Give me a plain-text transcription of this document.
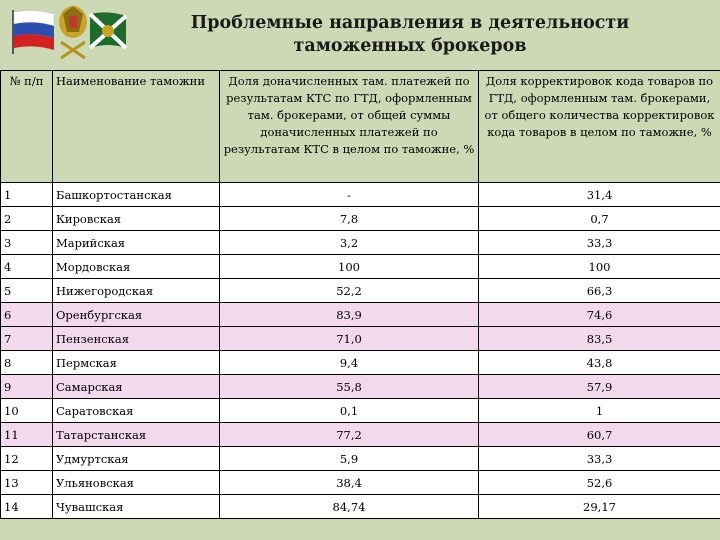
Проблемные направления в деятельности таможенных брокеров
№ п/п	Наименование таможни	Доля доначисленных там. платежей по результатам КТС по ГТД, оформленным там. брокерами, от общей суммы доначисленных платежей по результатам КТС в целом по таможне, %	Доля корректировок кода товаров по ГТД, оформленным там. брокерами, от общего количества корректировок кода товаров в целом по таможне, %
1	Башкортостанская	-	31,4
2	Кировская	7,8	0,7
3	Марийская	3,2	33,3
4	Мордовская	100	100
5	Нижегородская	52,2	66,3
6	Оренбургская	83,9	74,6
7	Пензенская	71,0	83,5
8	Пермская	9,4	43,8
9	Самарская	55,8	57,9
10	Саратовская	0,1	1
11	Татарстанская	77,2	60,7
12	Удмуртская	5,9	33,3
13	Ульяновская	38,4	52,6
14	Чувашская	84,74	29,17
